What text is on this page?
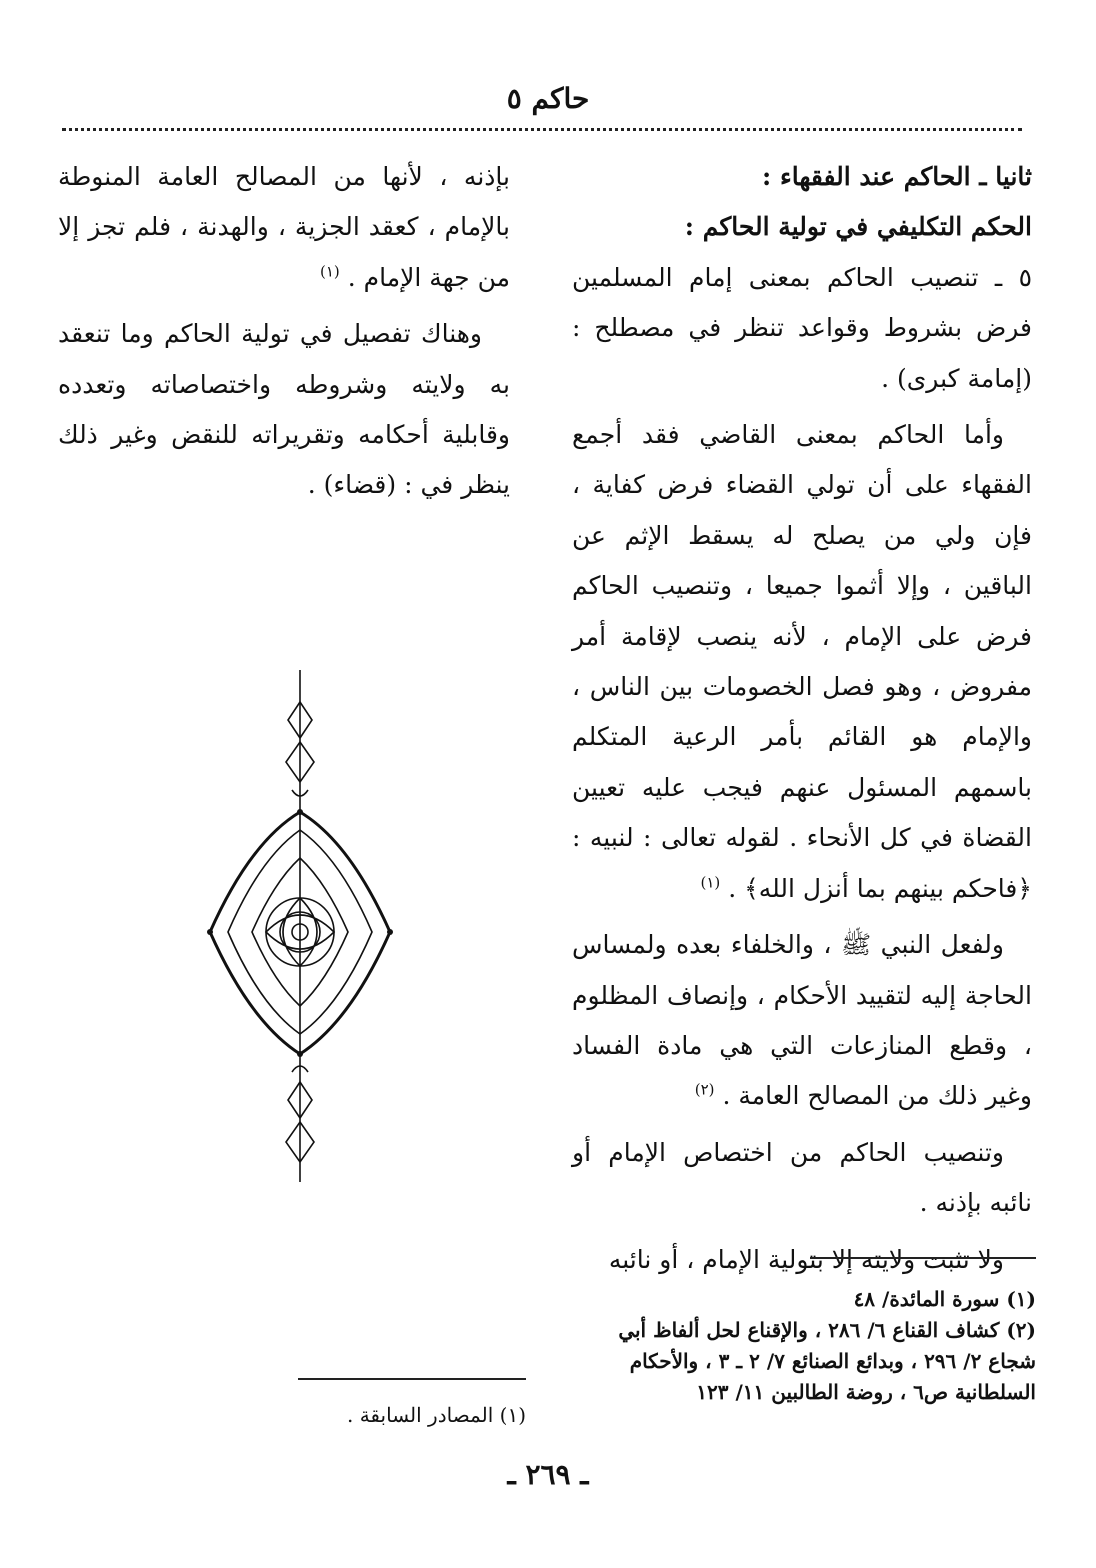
حاكم ٥

ثانيا ـ الحاكم عند الفقهاء :

الحكم التكليفي في تولية الحاكم :

٥ ـ تنصيب الحاكم بمعنى إمام المسلمين فرض بشروط وقواعد تنظر في مصطلح : (إمامة كبرى) .

وأما الحاكم بمعنى القاضي فقد أجمع الفقهاء على أن تولي القضاء فرض كفاية ، فإن ولي من يصلح له يسقط الإثم عن الباقين ، وإلا أثموا جميعا ، وتنصيب الحاكم فرض على الإمام ، لأنه ينصب لإقامة أمر مفروض ، وهو فصل الخصومات بين الناس ، والإمام هو القائم بأمر الرعية المتكلم باسمهم المسئول عنهم فيجب عليه تعيين القضاة في كل الأنحاء . لقوله تعالى : لنبيه : ﴿فاحكم بينهم بما أنزل الله﴾ . $^{(١)}$

ولفعل النبي ﷺ ، والخلفاء بعده ولمساس الحاجة إليه لتقييد الأحكام ، وإنصاف المظلوم ، وقطع المنازعات التي هي مادة الفساد وغير ذلك من المصالح العامة . $^{(٢)}$

وتنصيب الحاكم من اختصاص الإمام أو نائبه بإذنه .

ولا تثبت ولايته إلا بتولية الإمام ، أو نائبه

بإذنه ، لأنها من المصالح العامة المنوطة بالإمام ، كعقد الجزية ، والهدنة ، فلم تجز إلا من جهة الإمام . $^{(١)}$

وهناك تفصيل في تولية الحاكم وما تنعقد به ولايته وشروطه واختصاصاته وتعدده وقابلية أحكامه وتقريراته للنقض وغير ذلك ينظر في : (قضاء) .

(١) سورة المائدة/ ٤٨

(٢) كشاف القناع ٦/ ٢٨٦ ، والإقناع لحل ألفاظ أبي شجاع ٢/ ٢٩٦ ، وبدائع الصنائع ٧/ ٢ ـ ٣ ، والأحكام السلطانية ص٦ ، روضة الطالبين ١١/ ١٢٣

(١) المصادر السابقة .

ـ ٢٦٩ ـ
